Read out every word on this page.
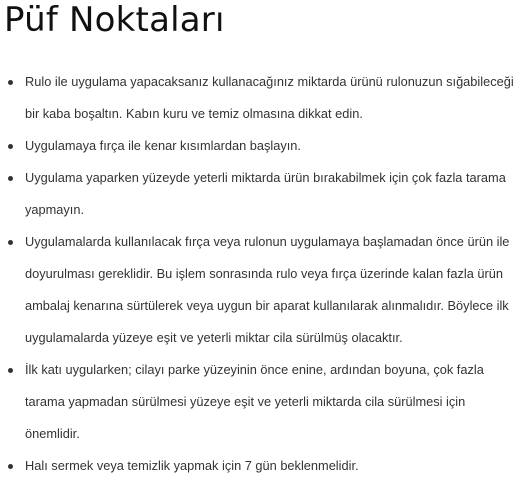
Püf Noktaları
Rulo ile uygulama yapacaksanız kullanacağınız miktarda ürünü rulonuzun sığabileceği bir kaba boşaltın. Kabın kuru ve temiz olmasına dikkat edin.
Uygulamaya fırça ile kenar kısımlardan başlayın.
Uygulama yaparken yüzeyde yeterli miktarda ürün bırakabilmek için çok fazla tarama yapmayın.
Uygulamalarda kullanılacak fırça veya rulonun uygulamaya başlamadan önce ürün ile doyurulması gereklidir. Bu işlem sonrasında rulo veya fırça üzerinde kalan fazla ürün ambalaj kenarına sürtülerek veya uygun bir aparat kullanılarak alınmalıdır. Böylece ilk uygulamalarda yüzeye eşit ve yeterli miktar cila sürülmüş olacaktır.
İlk katı uygularken; cilayı parke yüzeyinin önce enine, ardından boyuna, çok fazla tarama yapmadan sürülmesi yüzeye eşit ve yeterli miktarda cila sürülmesi için önemlidir.
Halı sermek veya temizlik yapmak için 7 gün beklenmelidir.
